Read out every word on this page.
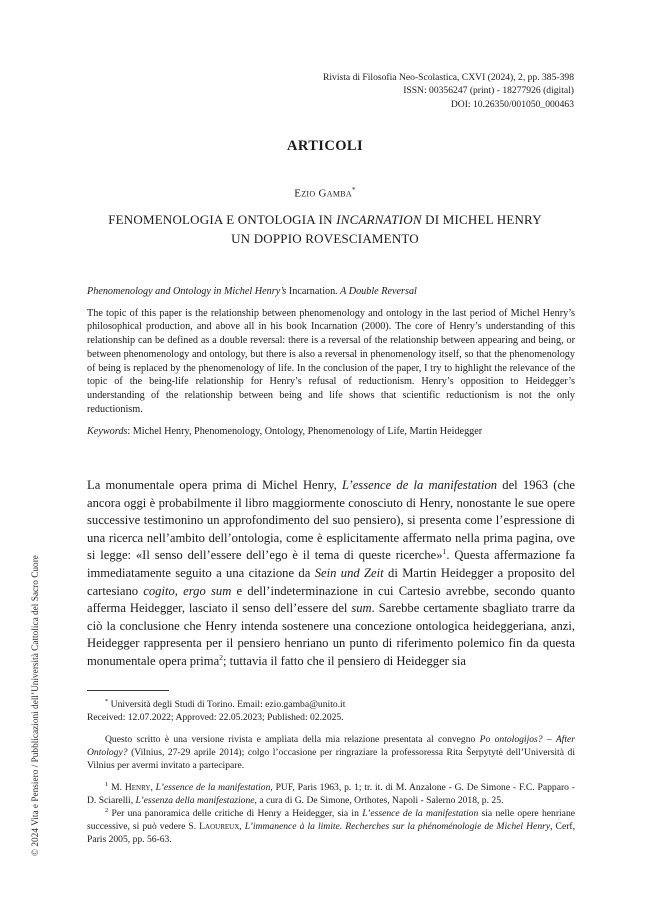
Rivista di Filosofia Neo-Scolastica, CXVI (2024), 2, pp. 385-398
ISSN: 00356247 (print) - 18277926 (digital)
DOI: 10.26350/001050_000463
ARTICOLI
Ezio Gamba*
FENOMENOLOGIA E ONTOLOGIA IN INCARNATION DI MICHEL HENRY
UN DOPPIO ROVESCIAMENTO

Phenomenology and Ontology in Michel Henry’s Incarnation. A Double Reversal

The topic of this paper is the relationship between phenomenology and ontology in the last period of Michel Henry’s philosophical production, and above all in his book Incarnation (2000). The core of Henry’s understanding of this relationship can be defined as a double reversal: there is a reversal of the relationship between appearing and being, or between phenomenology and ontology, but there is also a reversal in phenomenology itself, so that the phenomenology of being is replaced by the phenomenology of life. In the conclusion of the paper, I try to highlight the relevance of the topic of the being-life relationship for Henry’s refusal of reductionism. Henry’s opposition to Heidegger’s understanding of the relationship between being and life shows that scientific reductionism is not the only reductionism.

Keywords: Michel Henry, Phenomenology, Ontology, Phenomenology of Life, Martin Heidegger

La monumentale opera prima di Michel Henry, L’essence de la manifestation del 1963 (che ancora oggi è probabilmente il libro maggiormente conosciuto di Henry, nonostante le sue opere successive testimonino un approfondimento del suo pensiero), si presenta come l’espressione di una ricerca nell’ambito dell’ontologia, come è esplicitamente affermato nella prima pagina, ove si legge: «Il senso dell’essere dell’ego è il tema di queste ricerche»$^1$. Questa affermazione fa immediatamente seguito a una citazione da Sein und Zeit di Martin Heidegger a proposito del cartesiano cogito, ergo sum e dell’indeterminazione in cui Cartesio avrebbe, secondo quanto afferma Heidegger, lasciato il senso dell’essere del sum. Sarebbe certamente sbagliato trarre da ciò la conclusione che Henry intenda sostenere una concezione ontologica heideggeriana, anzi, Heidegger rappresenta per il pensiero henriano un punto di riferimento polemico fin da questa monumentale opera prima$^2$; tuttavia il fatto che il pensiero di Heidegger sia

* Università degli Studi di Torino. Email: ezio.gamba@unito.it
Received: 12.07.2022; Approved: 22.05.2023; Published: 02.2025.

Questo scritto è una versione rivista e ampliata della mia relazione presentata al convegno Po ontologijos? – After Ontology? (Vilnius, 27-29 aprile 2014); colgo l’occasione per ringraziare la professoressa Rita Šerpytytė dell’Università di Vilnius per avermi invitato a partecipare.

$^1$ M. Henry, L’essence de la manifestation, PUF, Paris 1963, p. 1; tr. it. di M. Anzalone - G. De Simone - F.C. Papparo - D. Sciarelli, L’essenza della manifestazione, a cura di G. De Simone, Orthotes, Napoli - Salerno 2018, p. 25.

$^2$ Per una panoramica delle critiche di Henry a Heidegger, sia in L’essence de la manifestation sia nelle opere henriane successive, si può vedere S. Laoureux, L’immanence à la limite. Recherches sur la phénoménologie de Michel Henry, Cerf, Paris 2005, pp. 56-63.

© 2024 Vita e Pensiero / Pubblicazioni dell’Università Cattolica del Sacro Cuore
